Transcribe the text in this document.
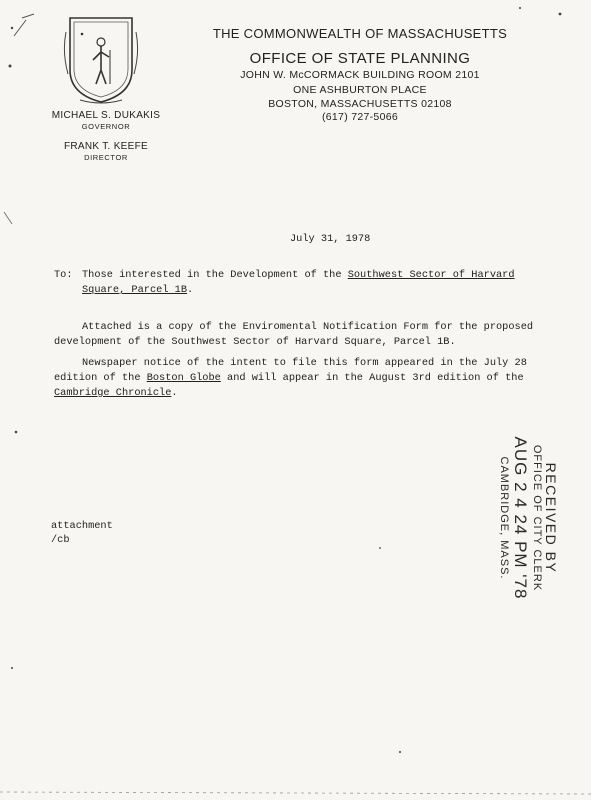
THE COMMONWEALTH OF MASSACHUSETTS
OFFICE OF STATE PLANNING
JOHN W. McCORMACK BUILDING ROOM 2101
ONE ASHBURTON PLACE
BOSTON, MASSACHUSETTS 02108
(617) 727-5066
MICHAEL S. DUKAKIS
GOVERNOR
FRANK T. KEEFE
DIRECTOR
July 31, 1978
To: Those interested in the Development of the Southwest Sector of Harvard
Square, Parcel 1B.
Attached is a copy of the Enviromental Notification Form for the proposed
development of the Southwest Sector of Harvard Square, Parcel 1B.
Newspaper notice of the intent to file this form appeared in the July 28
edition of the Boston Globe and will appear in the August 3rd edition of the
Cambridge Chronicle.
attachment
/cb	RECEIVED BY
OFFICE OF CITY CLERK
AUG 2 4 24 PM '78
CAMBRIDGE, MASS.
